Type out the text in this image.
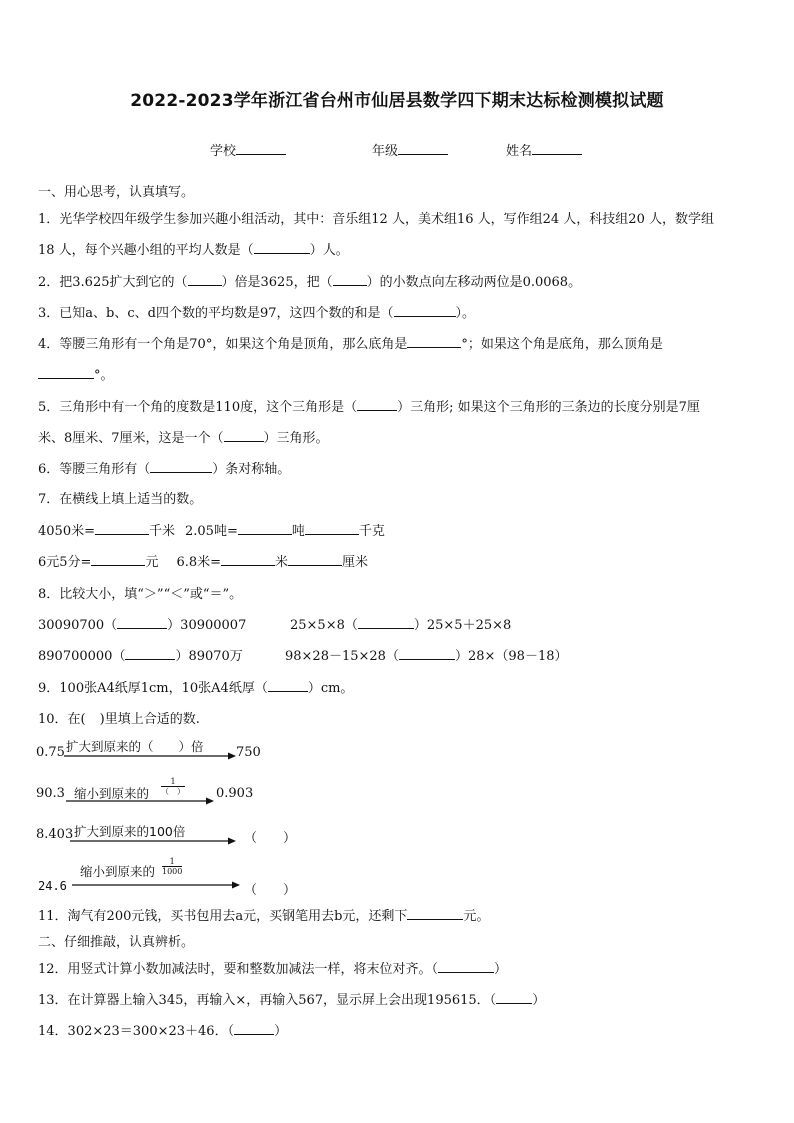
2022-2023学年浙江省台州市仙居县数学四下期末达标检测模拟试题
学校	年级	姓名
一、用心思考，认真填写。
1．光华学校四年级学生参加兴趣小组活动，其中：音乐组12 人，美术组16 人，写作组24 人，科技组20 人，数学组
18 人，每个兴趣小组的平均人数是（	）人。
2．把3.625扩大到它的（	）倍是3625，把（	）的小数点向左移动两位是0.0068。
3．已知a、b、c、d四个数的平均数是97，这四个数的和是（	）。
4．等腰三角形有一个角是70°，如果这个角是顶角，那么底角是	°；如果这个角是底角，那么顶角是
°。
5．三角形中有一个角的度数是110度，这个三角形是（	）三角形; 如果这个三角形的三条边的长度分别是7厘
米、8厘米、7厘米，这是一个（	）三角形。
6．等腰三角形有（	）条对称轴。
7．在横线上填上适当的数。
4050米=	千米 2.05吨=	吨	千克
6元5分=	元 6.8米=	米	厘米
8．比较大小，填“＞”“＜”或“＝”。
30090700（	）30900007	25×5×8（	）25×5＋25×8
890700000（	）89070万	98×28－15×28（	）28×（98－18）
9．100张A4纸厚1cm，10张A4纸厚（	）cm。
10．在( )里填上合适的数.
0.75 扩大到原来的（　　）倍 750
90.3 缩小到原来的
1
（　） 0.903
8.403 扩大到原来的100倍	（　　）
24.6
缩小到原来的 $\frac{1}{1000}$
（　　）
11．淘气有200元钱，买书包用去a元，买钢笔用去b元，还剩下	元。
二、仔细推敲，认真辨析。
12．用竖式计算小数加减法时，要和整数加减法一样，将末位对齐。（	）
13．在计算器上输入345，再输入×，再输入567，显示屏上会出现195615．（	）
14．302×23＝300×23＋46．（	）
